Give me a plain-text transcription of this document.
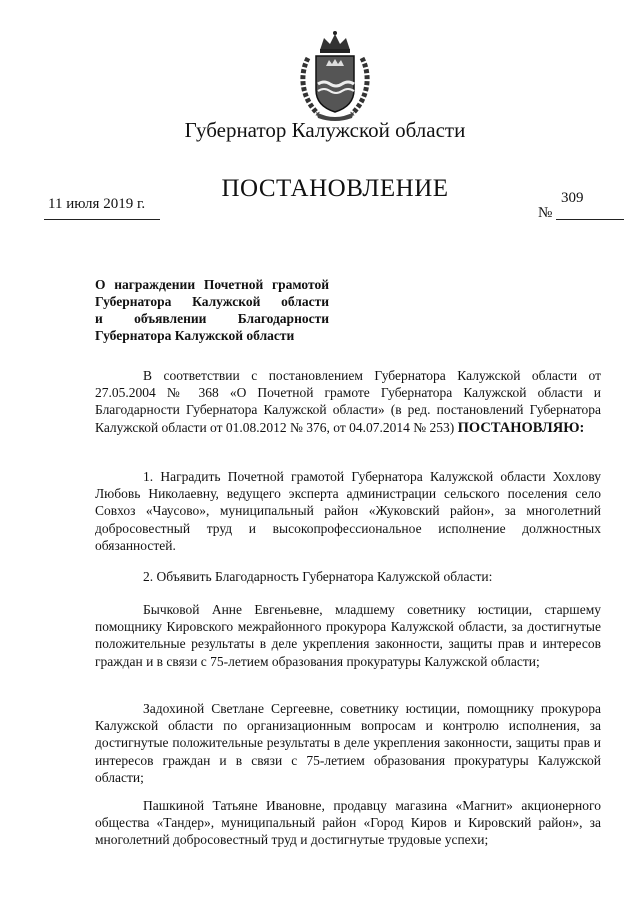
Губернатор Калужской области
ПОСТАНОВЛЕНИЕ
11 июля 2019 г.
№
309
О награждении Почетной грамотой
Губернатора Калужской области
и объявлении Благодарности
Губернатора Калужской области
В соответствии с постановлением Губернатора Калужской области от 27.05.2004 № 368 «О Почетной грамоте Губернатора Калужской области и Благодарности Губернатора Калужской области» (в ред. постановлений Губернатора Калужской области от 01.08.2012 № 376, от 04.07.2014 № 253) ПОСТАНОВЛЯЮ:
1. Наградить Почетной грамотой Губернатора Калужской области Хохлову Любовь Николаевну, ведущего эксперта администрации сельского поселения село Совхоз «Чаусово», муниципальный район «Жуковский район», за многолетний добросовестный труд и высокопрофессиональное исполнение должностных обязанностей.
2. Объявить Благодарность Губернатора Калужской области:
Бычковой Анне Евгеньевне, младшему советнику юстиции, старшему помощнику Кировского межрайонного прокурора Калужской области, за достигнутые положительные результаты в деле укрепления законности, защиты прав и интересов граждан и в связи с 75-летием образования прокуратуры Калужской области;
Задохиной Светлане Сергеевне, советнику юстиции, помощнику прокурора Калужской области по организационным вопросам и контролю исполнения, за достигнутые положительные результаты в деле укрепления законности, защиты прав и интересов граждан и в связи с 75-летием образования прокуратуры Калужской области;
Пашкиной Татьяне Ивановне, продавцу магазина «Магнит» акционерного общества «Тандер», муниципальный район «Город Киров и Кировский район», за многолетний добросовестный труд и достигнутые трудовые успехи;
